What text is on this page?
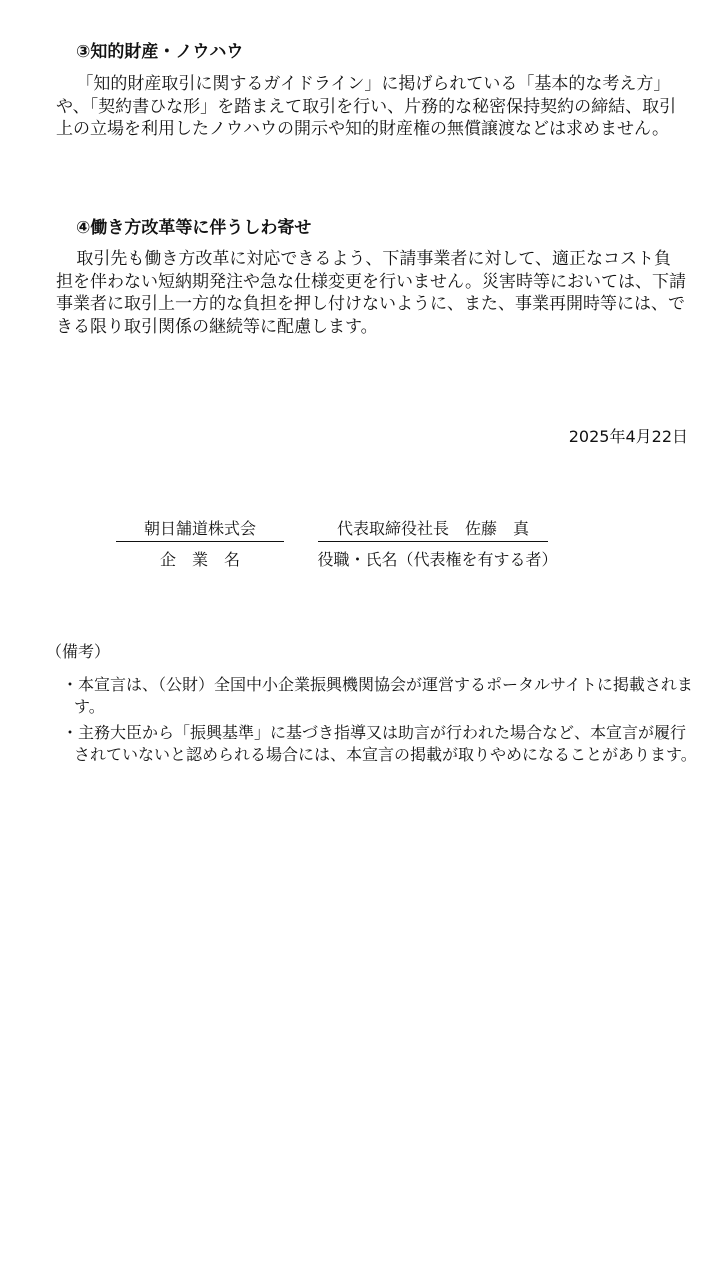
③知的財産・ノウハウ

「知的財産取引に関するガイドライン」に掲げられている「基本的な考え方」や、「契約書ひな形」を踏まえて取引を行い、片務的な秘密保持契約の締結、取引上の立場を利用したノウハウの開示や知的財産権の無償譲渡などは求めません。

④働き方改革等に伴うしわ寄せ

取引先も働き方改革に対応できるよう、下請事業者に対して、適正なコスト負担を伴わない短納期発注や急な仕様変更を行いません。災害時等においては、下請事業者に取引上一方的な負担を押し付けないように、また、事業再開時等には、できる限り取引関係の継続等に配慮します。

2025年4月22日
朝日舗道株式会	代表取締役社長　佐藤　真
企　業　名	役職・氏名（代表権を有する者）
（備考）

・本宣言は、（公財）全国中小企業振興機関協会が運営するポータルサイトに掲載されます。

・主務大臣から「振興基準」に基づき指導又は助言が行われた場合など、本宣言が履行されていないと認められる場合には、本宣言の掲載が取りやめになることがあります。
